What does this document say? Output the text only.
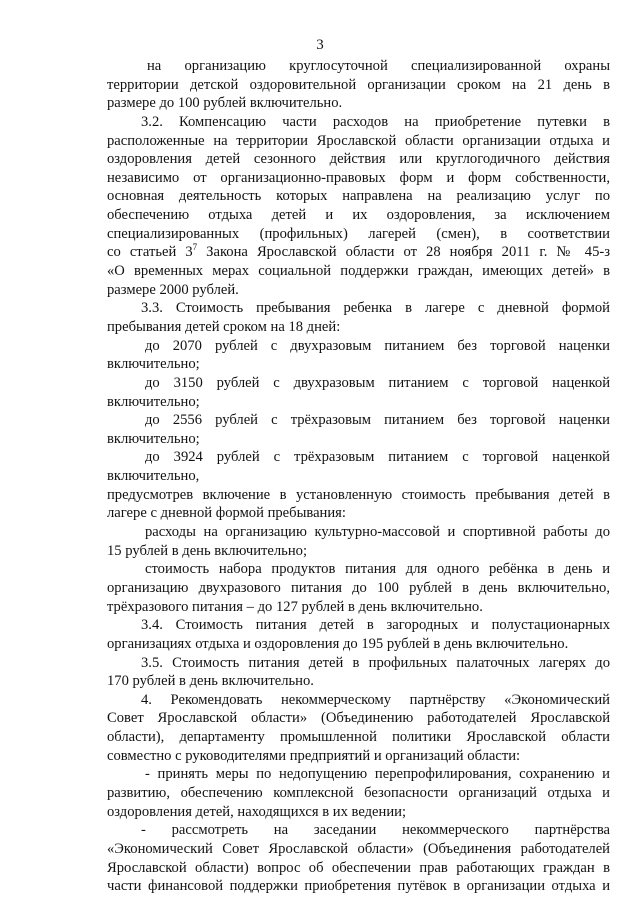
3
на организацию круглосуточной специализированной охраны
территории детской оздоровительной организации сроком на 21 день в
размере до 100 рублей включительно.
3.2. Компенсацию части расходов на приобретение путевки в
расположенные на территории Ярославской области организации отдыха и
оздоровления детей сезонного действия или круглогодичного действия
независимо от организационно-правовых форм и форм собственности,
основная деятельность которых направлена на реализацию услуг по
обеспечению отдыха детей и их оздоровления, за исключением
специализированных (профильных) лагерей (смен), в соответствии
со статьей $3^7$ Закона Ярославской области от 28 ноября 2011 г. № 45-з
«О временных мерах социальной поддержки граждан, имеющих детей» в
размере 2000 рублей.
3.3. Стоимость пребывания ребенка в лагере с дневной формой
пребывания детей сроком на 18 дней:
до 2070 рублей с двухразовым питанием без торговой наценки
включительно;
до 3150 рублей с двухразовым питанием с торговой наценкой
включительно;
до 2556 рублей с трёхразовым питанием без торговой наценки
включительно;
до 3924 рублей с трёхразовым питанием с торговой наценкой
включительно,
предусмотрев включение в установленную стоимость пребывания детей в
лагере с дневной формой пребывания:
расходы на организацию культурно-массовой и спортивной работы до
15 рублей в день включительно;
стоимость набора продуктов питания для одного ребёнка в день и
организацию двухразового питания до 100 рублей в день включительно,
трёхразового питания – до 127 рублей в день включительно.
3.4. Стоимость питания детей в загородных и полустационарных
организациях отдыха и оздоровления до 195 рублей в день включительно.
3.5. Стоимость питания детей в профильных палаточных лагерях до
170 рублей в день включительно.
4. Рекомендовать некоммерческому партнёрству «Экономический
Совет Ярославской области» (Объединению работодателей Ярославской
области), департаменту промышленной политики Ярославской области
совместно с руководителями предприятий и организаций области:
- принять меры по недопущению перепрофилирования, сохранению и
развитию, обеспечению комплексной безопасности организаций отдыха и
оздоровления детей, находящихся в их ведении;
- рассмотреть на заседании некоммерческого партнёрства
«Экономический Совет Ярославской области» (Объединения работодателей
Ярославской области) вопрос об обеспечении прав работающих граждан в
части финансовой поддержки приобретения путёвок в организации отдыха и
